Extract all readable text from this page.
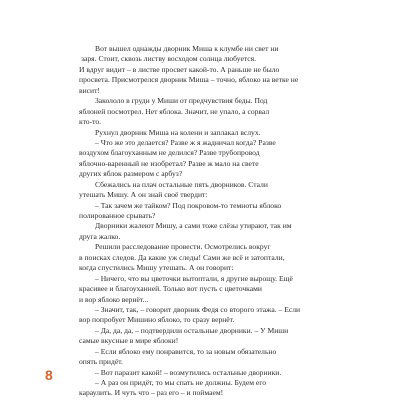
Вот вышел однажды дворник Миша к клумбе ни свет ни
заря. Стоит, сквозь листву восходом солнца любуется.
И вдруг видит – в листве просвет какой-то. А раньше не было
просвета. Присмотрелся дворник Миша – точно, яблоко на ветке не
висит!
Закололо в груди у Миши от предчувствия беды. Под
яблоней посмотрел. Нет яблока. Значит, не упало, а сорвал
кто-то.
Рухнул дворник Миша на колени и заплакал вслух.
– Что же это делается? Разве ж я жадничал когда? Разве
воздухом благоуханным не делился? Разве трубопровод
яблочно-варенный не изобретал? Разве ж мало на свете
других яблок размером с арбуз?
Сбежались на плач остальные пять дворников. Стали
утешать Мишу. А он знай своё твердит:
– Так зачем же тайком? Под покровом-то темноты яблоко
полированное срывать?
Дворники жалеют Мишу, а сами тоже слёзы утирают, так им
друга жалко.
Решили расследование провести. Осмотрелись вокруг
в поисках следов. Да какие уж следы! Сами же всё и затоптали,
когда спустились Мишу утешать. А он говорит:
– Ничего, что вы цветочки вытоптали, я другие вырощу. Ещё
красивее и благоуханней. Только вот пусть с цветочками
и вор яблоко вернёт...
– Значит, так, – говорит дворник Федя со второго этажа. – Если
вор попробует Мишино яблоко, то сразу вернёт.
– Да, да, да, – подтвердили остальные дворники. – У Миши
самые вкусные в мире яблоки!
– Если яблоко ему понравится, то за новым обязательно
опять придёт.
– Вот паразит какой! – возмутились остальные дворники.
– А раз он придёт, то мы спать не должны. Будем его
караулить. И чуть что – раз его – и поймаем!
8
